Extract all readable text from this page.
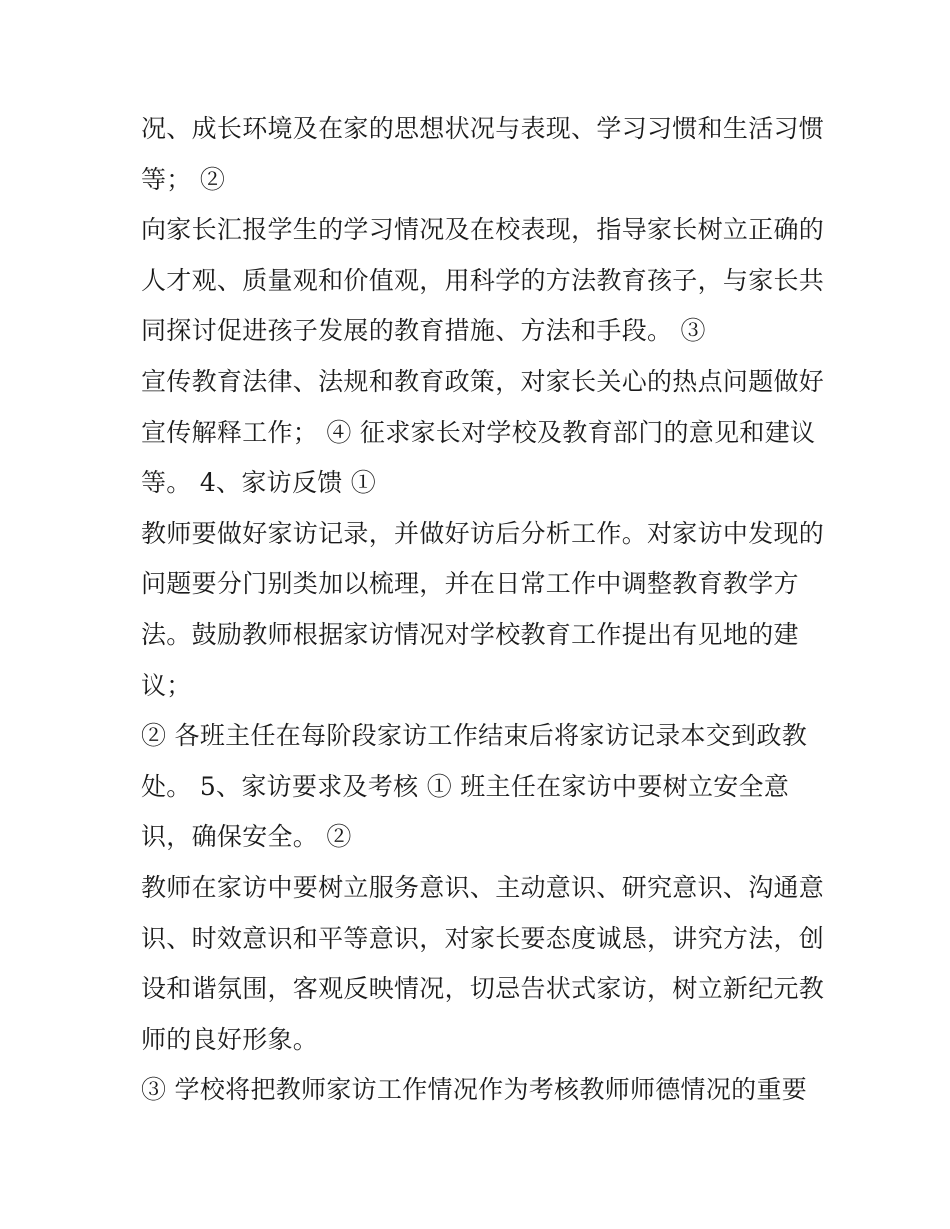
况、成长环境及在家的思想状况与表现、学习习惯和生活习惯
等； ②
向家长汇报学生的学习情况及在校表现，指导家长树立正确的
人才观、质量观和价值观，用科学的方法教育孩子，与家长共
同探讨促进孩子发展的教育措施、方法和手段。 ③
宣传教育法律、法规和教育政策，对家长关心的热点问题做好
宣传解释工作； ④ 征求家长对学校及教育部门的意见和建议
等。 4、家访反馈 ①
教师要做好家访记录，并做好访后分析工作。对家访中发现的
问题要分门别类加以梳理，并在日常工作中调整教育教学方
法。鼓励教师根据家访情况对学校教育工作提出有见地的建
议；
② 各班主任在每阶段家访工作结束后将家访记录本交到政教
处。 5、家访要求及考核 ① 班主任在家访中要树立安全意
识，确保安全。 ②
教师在家访中要树立服务意识、主动意识、研究意识、沟通意
识、时效意识和平等意识，对家长要态度诚恳，讲究方法，创
设和谐氛围，客观反映情况，切忌告状式家访，树立新纪元教
师的良好形象。
③ 学校将把教师家访工作情况作为考核教师师德情况的重要
